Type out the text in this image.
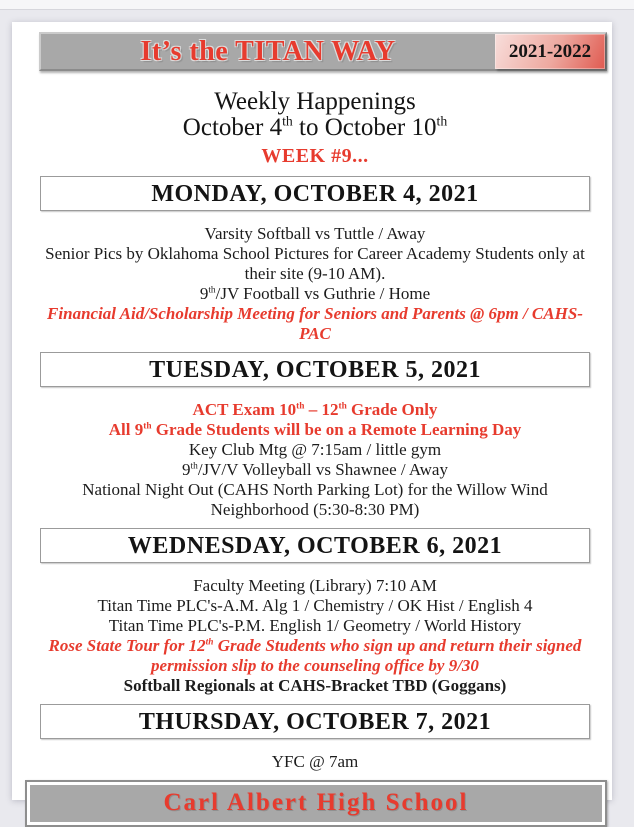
It’s the TITAN WAY	2021-2022
Weekly Happenings
October 4th to October 10th
WEEK #9...
MONDAY, OCTOBER 4, 2021
Varsity Softball vs Tuttle / Away
Senior Pics by Oklahoma School Pictures for Career Academy Students only at their site (9-10 AM).
9th/JV Football vs Guthrie / Home
Financial Aid/Scholarship Meeting for Seniors and Parents @ 6pm / CAHS-PAC
TUESDAY, OCTOBER 5, 2021
ACT Exam 10th – 12th Grade Only
All 9th Grade Students will be on a Remote Learning Day
Key Club Mtg @ 7:15am / little gym
9th/JV/V Volleyball vs Shawnee / Away
National Night Out (CAHS North Parking Lot) for the Willow Wind Neighborhood (5:30-8:30 PM)
WEDNESDAY, OCTOBER 6, 2021
Faculty Meeting (Library) 7:10 AM
Titan Time PLC's-A.M. Alg 1 / Chemistry / OK Hist / English 4
Titan Time PLC's-P.M. English 1/ Geometry / World History
Rose State Tour for 12th Grade Students who sign up and return their signed permission slip to the counseling office by 9/30
Softball Regionals at CAHS-Bracket TBD (Goggans)
THURSDAY, OCTOBER 7, 2021
YFC @ 7am
Carl Albert High School
